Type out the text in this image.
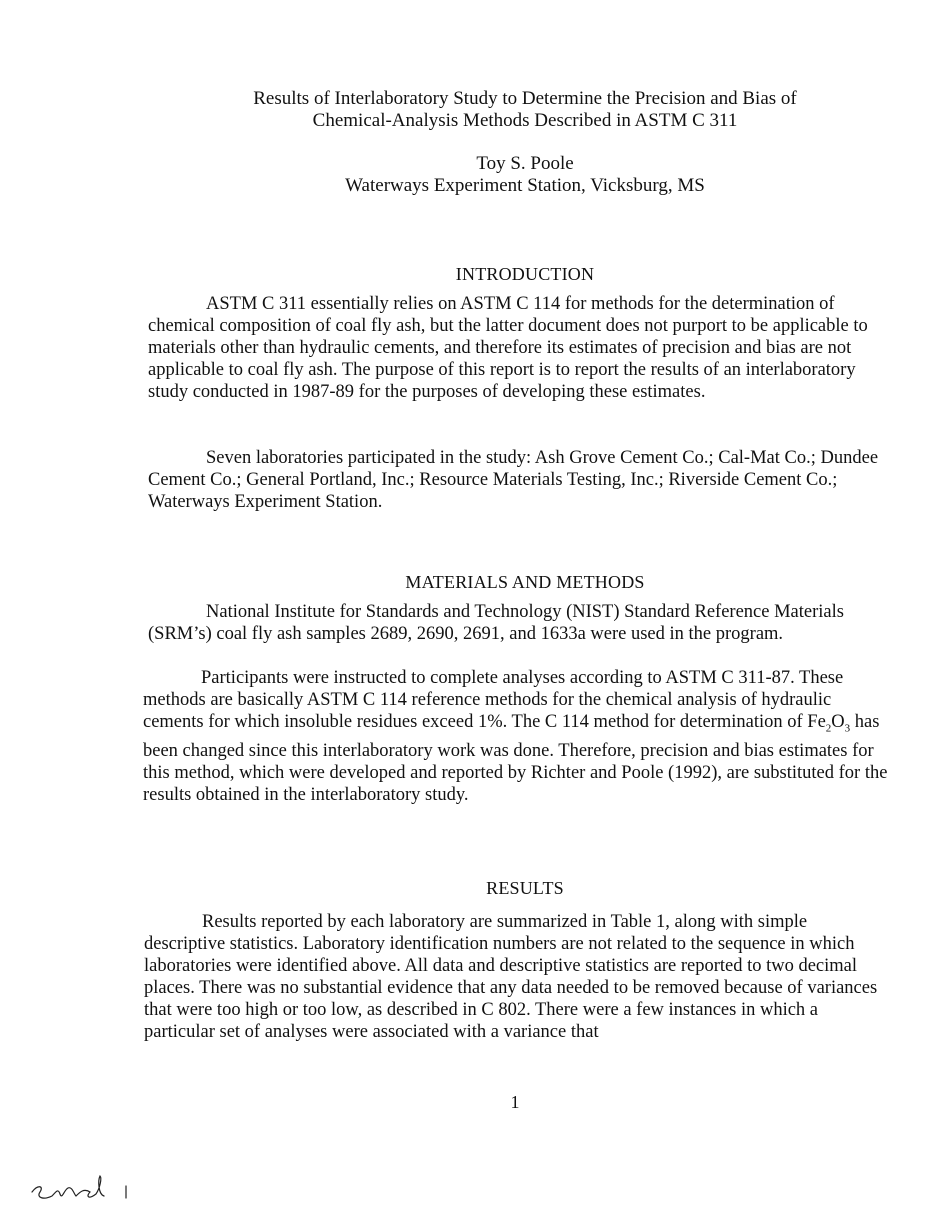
Results of Interlaboratory Study to Determine the Precision and Bias of
Chemical-Analysis Methods Described in ASTM C 311
Toy S. Poole
Waterways Experiment Station, Vicksburg, MS
INTRODUCTION

ASTM C 311 essentially relies on ASTM C 114 for methods for the determination of chemical composition of coal fly ash, but the latter document does not purport to be applicable to materials other than hydraulic cements, and therefore its estimates of precision and bias are not applicable to coal fly ash. The purpose of this report is to report the results of an interlaboratory study conducted in 1987-89 for the purposes of developing these estimates.

Seven laboratories participated in the study: Ash Grove Cement Co.; Cal-Mat Co.; Dundee Cement Co.; General Portland, Inc.; Resource Materials Testing, Inc.; Riverside Cement Co.; Waterways Experiment Station.

MATERIALS AND METHODS

National Institute for Standards and Technology (NIST) Standard Reference Materials (SRM’s) coal fly ash samples 2689, 2690, 2691, and 1633a were used in the program.

Participants were instructed to complete analyses according to ASTM C 311-87. These methods are basically ASTM C 114 reference methods for the chemical analysis of hydraulic cements for which insoluble residues exceed 1%. The C 114 method for determination of $Fe_2O_3$ has been changed since this interlaboratory work was done. Therefore, precision and bias estimates for this method, which were developed and reported by Richter and Poole (1992), are substituted for the results obtained in the interlaboratory study.

RESULTS

Results reported by each laboratory are summarized in Table 1, along with simple descriptive statistics. Laboratory identification numbers are not related to the sequence in which laboratories were identified above. All data and descriptive statistics are reported to two decimal places. There was no substantial evidence that any data needed to be removed because of variances that were too high or too low, as described in C 802. There were a few instances in which a particular set of analyses were associated with a variance that

1
